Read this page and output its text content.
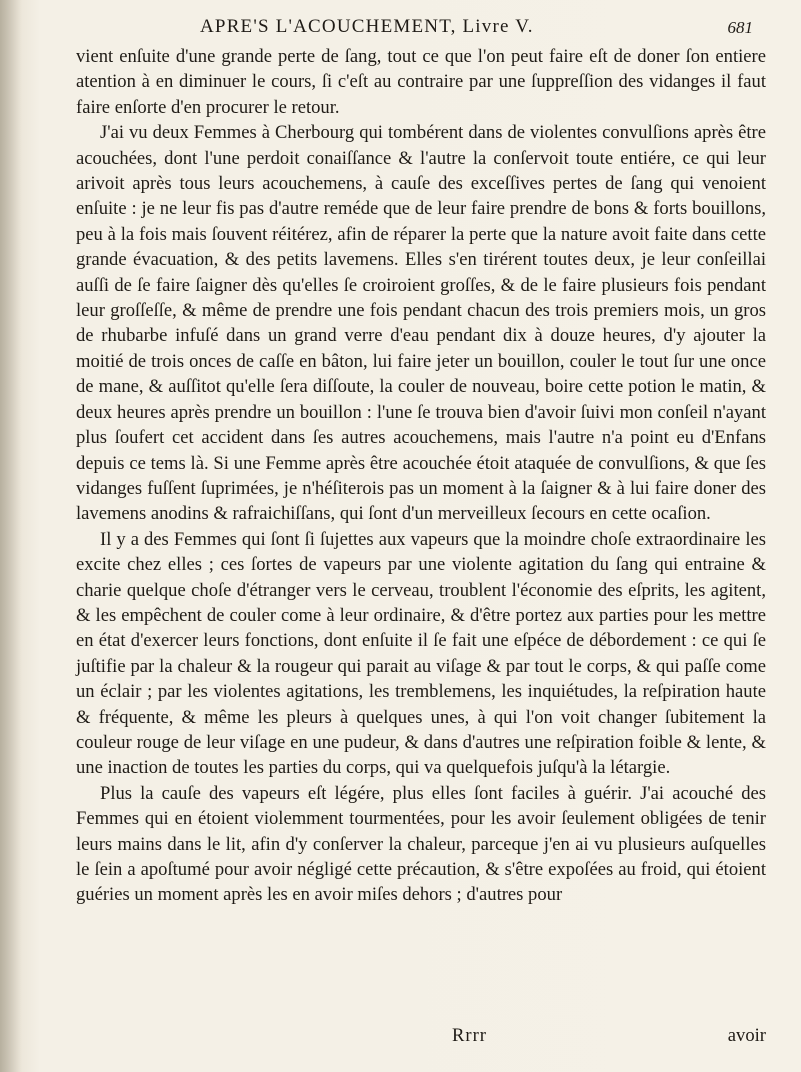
APRE'S L'ACOUCHEMENT, Livre V.	681

vient enſuite d'une grande perte de ſang, tout ce que l'on peut faire eſt de doner ſon entiere atention à en diminuer le cours, ſi c'eſt au contraire par une ſuppreſſion des vidanges il faut faire enſorte d'en procurer le retour.

J'ai vu deux Femmes à Cherbourg qui tombérent dans de violentes convulſions après être acouchées, dont l'une perdoit conaiſſance & l'autre la conſervoit toute entiére, ce qui leur arivoit après tous leurs acouchemens, à cauſe des exceſſives pertes de ſang qui venoient enſuite : je ne leur fis pas d'autre reméde que de leur faire prendre de bons & forts bouillons, peu à la fois mais ſouvent réitérez, afin de réparer la perte que la nature avoit faite dans cette grande évacuation, & des petits lavemens. Elles s'en tirérent toutes deux, je leur conſeillai auſſi de ſe faire ſaigner dès qu'elles ſe croiroient groſſes, & de le faire plusieurs fois pendant leur groſſeſſe, & même de prendre une fois pendant chacun des trois premiers mois, un gros de rhubarbe infuſé dans un grand verre d'eau pendant dix à douze heures, d'y ajouter la moitié de trois onces de caſſe en bâton, lui faire jeter un bouillon, couler le tout ſur une once de mane, & auſſitot qu'elle ſera diſſoute, la couler de nouveau, boire cette potion le matin, & deux heures après prendre un bouillon : l'une ſe trouva bien d'avoir ſuivi mon conſeil n'ayant plus ſoufert cet accident dans ſes autres acouchemens, mais l'autre n'a point eu d'Enfans depuis ce tems là. Si une Femme après être acouchée étoit ataquée de convulſions, & que ſes vidanges fuſſent ſuprimées, je n'héſiterois pas un moment à la ſaigner & à lui faire doner des lavemens anodins & rafraichiſſans, qui ſont d'un merveilleux ſecours en cette ocaſion.

Il y a des Femmes qui ſont ſi ſujettes aux vapeurs que la moindre choſe extraordinaire les excite chez elles ; ces ſortes de vapeurs par une violente agitation du ſang qui entraine & charie quelque choſe d'étranger vers le cerveau, troublent l'économie des eſprits, les agitent, & les empêchent de couler come à leur ordinaire, & d'être portez aux parties pour les mettre en état d'exercer leurs fonctions, dont enſuite il ſe fait une eſpéce de débordement : ce qui ſe juſtifie par la chaleur & la rougeur qui parait au viſage & par tout le corps, & qui paſſe come un éclair ; par les violentes agitations, les tremblemens, les inquiétudes, la reſpiration haute & fréquente, & même les pleurs à quelques unes, à qui l'on voit changer ſubitement la couleur rouge de leur viſage en une pudeur, & dans d'autres une reſpiration foible & lente, & une inaction de toutes les parties du corps, qui va quelquefois juſqu'à la létargie.

Plus la cauſe des vapeurs eſt légére, plus elles ſont faciles à guérir. J'ai acouché des Femmes qui en étoient violemment tourmentées, pour les avoir ſeulement obligées de tenir leurs mains dans le lit, afin d'y conſerver la chaleur, parceque j'en ai vu plusieurs auſquelles le ſein a apoſtumé pour avoir négligé cette précaution, & s'être expoſées au froid, qui étoient guéries un moment après les en avoir miſes dehors ; d'autres pour

Rrrr	avoir
